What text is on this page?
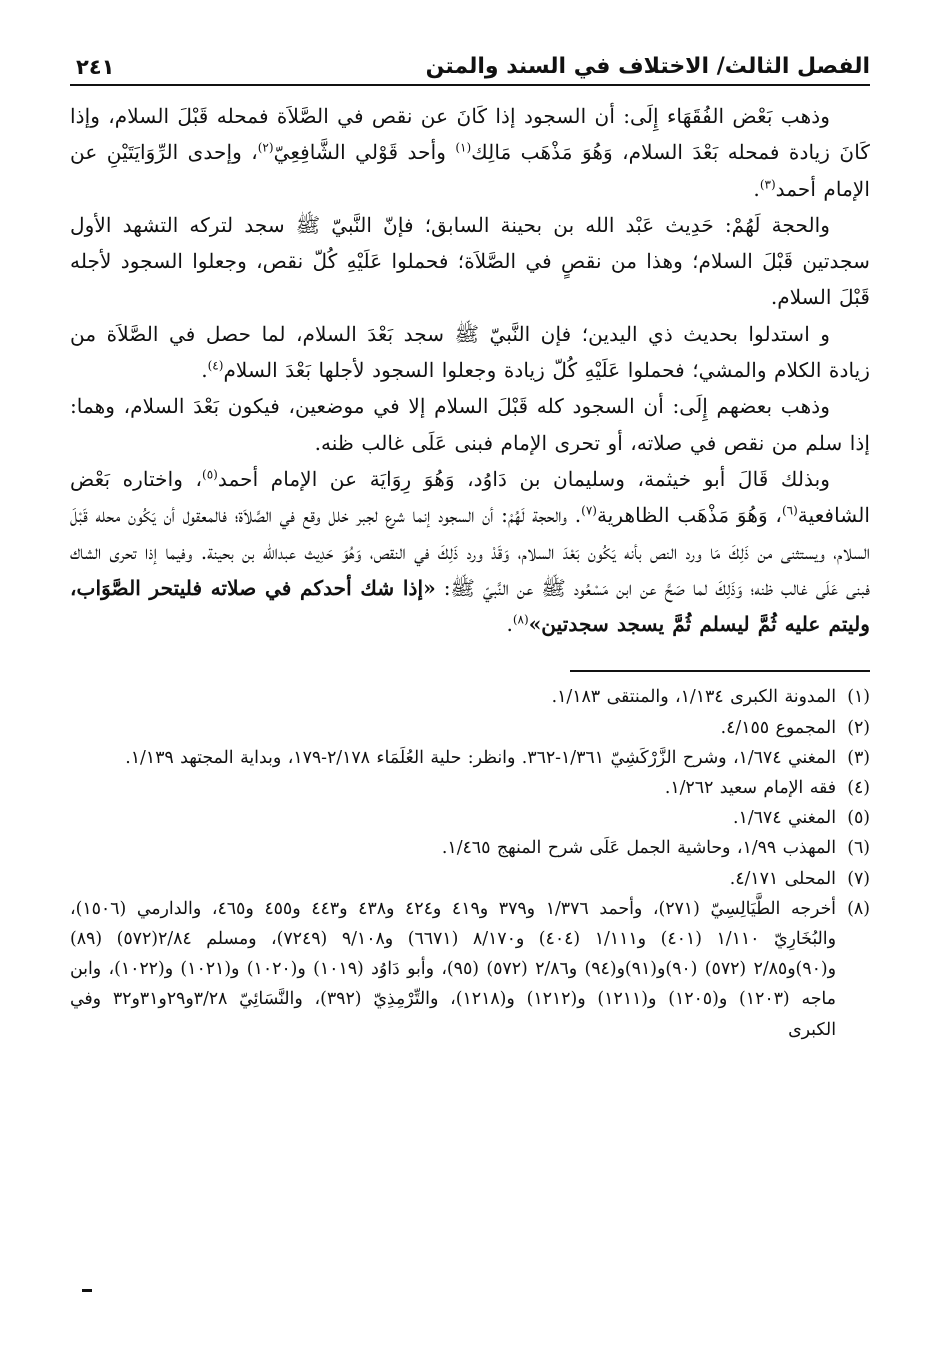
الفصل الثالث/ الاختلاف في السند والمتن
٢٤١

وذهب بَعْض الفُقَهَاء إِلَى: أن السجود إذا كَانَ عن نقص في الصَّلاَة فمحله قَبْلَ السلام، وإذا كَانَ زيادة فمحله بَعْدَ السلام، وَهُوَ مَذْهَب مَالِك$^{(١)}$ وأحد قَوْلي الشَّافِعِيّ$^{(٢)}$، وإحدى الرِّوَايَتَيْنِ عن الإمام أحمد$^{(٣)}$.

والحجة لَهُمْ: حَدِيث عَبْد الله بن بحينة السابق؛ فإنّ النَّبيّ ﷺ سجد لتركه التشهد الأول سجدتين قَبْلَ السلام؛ وهذا من نقصٍ في الصَّلاَة؛ فحملوا عَلَيْهِ كُلّ نقص، وجعلوا السجود لأجله قَبْلَ السلام.

و استدلوا بحديث ذي اليدين؛ فإن النَّبيّ ﷺ سجد بَعْدَ السلام، لما حصل في الصَّلاَة من زيادة الكلام والمشي؛ فحملوا عَلَيْهِ كُلّ زيادة وجعلوا السجود لأجلها بَعْدَ السلام$^{(٤)}$.

وذهب بعضهم إِلَى: أن السجود كله قَبْلَ السلام إلا في موضعين، فيكون بَعْدَ السلام، وهما: إذا سلم من نقص في صلاته، أو تحرى الإمام فبنى عَلَى غالب ظنه.

وبذلك قَالَ أبو خيثمة، وسليمان بن دَاوُد، وَهُوَ رِوَايَة عن الإمام أحمد$^{(٥)}$، واختاره بَعْض الشافعية$^{(٦)}$، وَهُوَ مَذْهَب الظاهرية$^{(٧)}$. والحجة لَهُمْ: أن السجود إنما شرع لجبر خلل وقع في الصَّلاَة؛ فالمعقول أن يَكُون محله قَبْلَ السلام، ويستثنى من ذَلِكَ مَا ورد النص بأنه يَكُون بَعْدَ السلام، وَقَدْ ورد ذَلِكَ في النقص، وَهُوَ حَدِيث عبدالله بن بحينة. وفيما إذا تحرى الشاك فبنى عَلَى غالب ظنه؛ وَذَلِكَ لما صَحَّ عن ابن مَسْعُود ﷺ عن النَّبيّ ﷺ: «إذا شك أحدكم في صلاته فليتحر الصَّوَاب، وليتم عليه ثُمَّ ليسلم ثُمَّ يسجد سجدتين»$^{(٨)}$.

(١)المدونة الكبرى ١/١٣٤، والمنتقى ١/١٨٣.

(٢)المجموع ٤/١٥٥.

(٣)المغني ١/٦٧٤، وشرح الزَّرْكَشِيّ ١/٣٦١-٣٦٢. وانظر: حلية العُلَمَاء ٢/١٧٨-١٧٩، وبداية المجتهد ١/١٣٩.

(٤)فقه الإمام سعيد ١/٢٦٢.

(٥)المغني ١/٦٧٤.

(٦)المهذب ١/٩٩، وحاشية الجمل عَلَى شرح المنهج ١/٤٦٥.

(٧)المحلى ٤/١٧١.

(٨)أخرجه الطَّيَالِسِيّ (٢٧١)، وأحمد ١/٣٧٦ و٣٧٩ و٤١٩ و٤٢٤ و٤٣٨ و٤٤٣ و٤٥٥ و٤٦٥، والدارمي (١٥٠٦)، والبُخَارِيّ ١/١١٠ (٤٠١) و١/١١١ (٤٠٤) و٨/١٧٠ (٦٦٧١) و٩/١٠٨ (٧٢٤٩)، ومسلم ٢/٨٤(٥٧٢) (٨٩) و(٩٠)و٢/٨٥ (٥٧٢) (٩٠)و(٩١)و(٩٤) و٢/٨٦ (٥٧٢) (٩٥)، وأبو دَاوُد (١٠١٩) و(١٠٢٠) و(١٠٢١) و(١٠٢٢)، وابن ماجه (١٢٠٣) و(١٢٠٥) و(١٢١١) و(١٢١٢) و(١٢١٨)، والتِّرْمِذِيّ (٣٩٢)، والنَّسَائِيّ ٣/٢٨و٢٩و٣١و٣٢ وفي الكبرى
